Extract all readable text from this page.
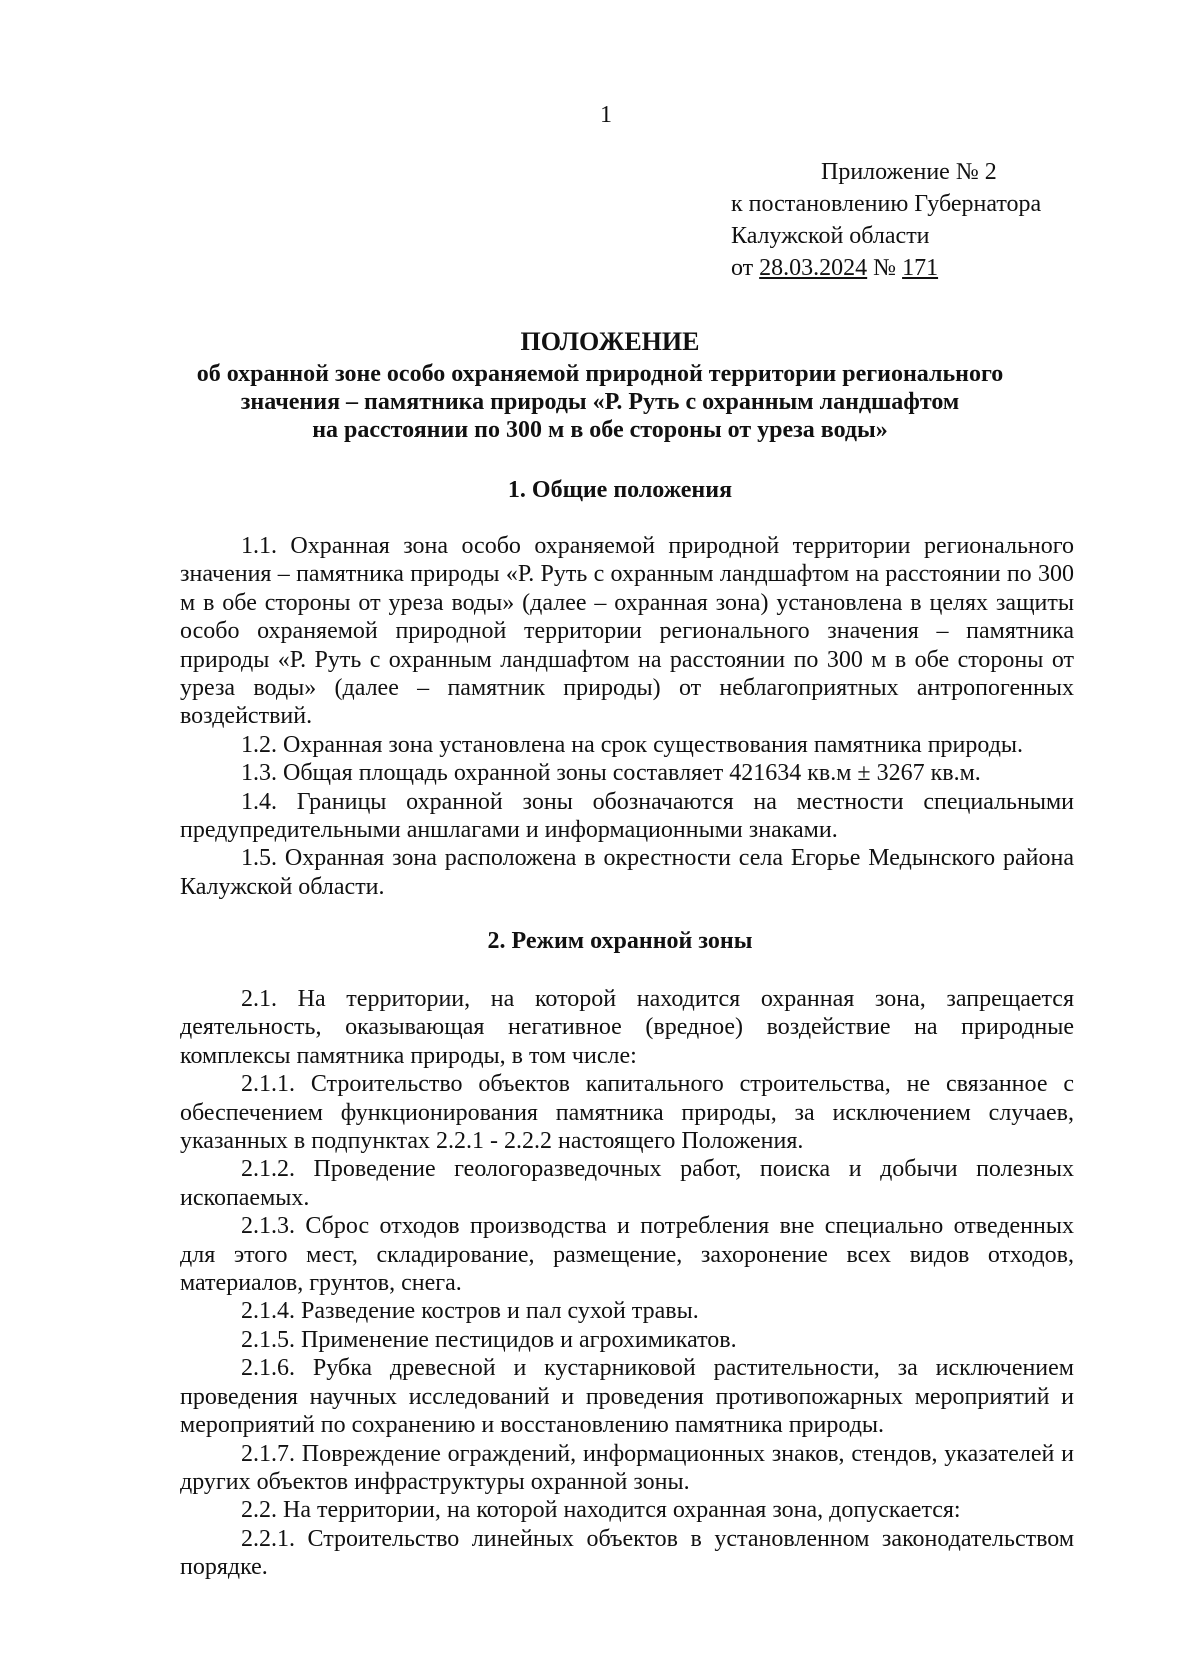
1
Приложение № 2
к постановлению Губернатора
Калужской области
от 28.03.2024 № 171
ПОЛОЖЕНИЕ
об охранной зоне особо охраняемой природной территории регионального
значения – памятника природы «Р. Руть с охранным ландшафтом
на расстоянии по 300 м в обе стороны от уреза воды»
1. Общие положения

1.1. Охранная зона особо охраняемой природной территории регионального значения – памятника природы «Р. Руть с охранным ландшафтом на расстоянии по 300 м в обе стороны от уреза воды» (далее – охранная зона) установлена в целях защиты особо охраняемой природной территории регионального значения – памятника природы «Р. Руть с охранным ландшафтом на расстоянии по 300 м в обе стороны от уреза воды» (далее – памятник природы) от неблагоприятных антропогенных воздействий.

1.2. Охранная зона установлена на срок существования памятника природы.

1.3. Общая площадь охранной зоны составляет 421634 кв.м ± 3267 кв.м.

1.4. Границы охранной зоны обозначаются на местности специальными предупредительными аншлагами и информационными знаками.

1.5. Охранная зона расположена в окрестности села Егорье Медынского района Калужской области.

2. Режим охранной зоны

2.1. На территории, на которой находится охранная зона, запрещается деятельность, оказывающая негативное (вредное) воздействие на природные комплексы памятника природы, в том числе:

2.1.1. Строительство объектов капитального строительства, не связанное с обеспечением функционирования памятника природы, за исключением случаев, указанных в подпунктах 2.2.1 - 2.2.2 настоящего Положения.

2.1.2. Проведение геологоразведочных работ, поиска и добычи полезных ископаемых.

2.1.3. Сброс отходов производства и потребления вне специально отведенных для этого мест, складирование, размещение, захоронение всех видов отходов, материалов, грунтов, снега.

2.1.4. Разведение костров и пал сухой травы.

2.1.5. Применение пестицидов и агрохимикатов.

2.1.6. Рубка древесной и кустарниковой растительности, за исключением проведения научных исследований и проведения противопожарных мероприятий и мероприятий по сохранению и восстановлению памятника природы.

2.1.7. Повреждение ограждений, информационных знаков, стендов, указателей и других объектов инфраструктуры охранной зоны.

2.2. На территории, на которой находится охранная зона, допускается:

2.2.1. Строительство линейных объектов в установленном законодательством порядке.
